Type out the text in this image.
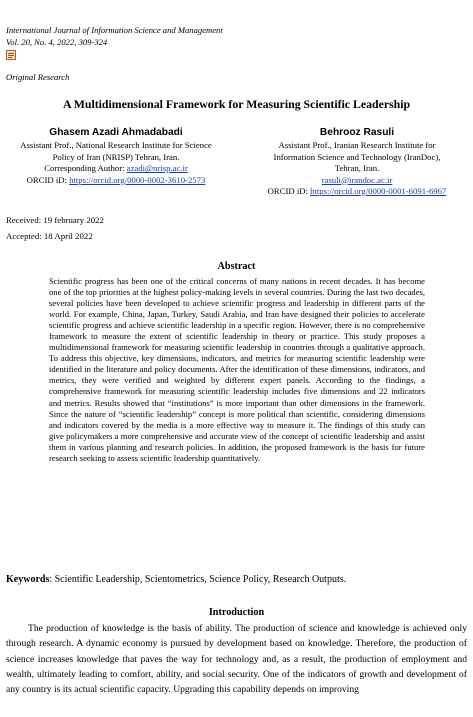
International Journal of Information Science and Management
Vol. 20, No. 4, 2022, 309-324
Original Research
A Multidimensional Framework for Measuring Scientific Leadership
Ghasem Azadi Ahmadabadi
Assistant Prof., National Research Institute for Science
Policy of Iran (NRISP) Tehran, Iran.
Corresponding Author: azadi@nrisp.ac.ir
ORCID iD: https://orcid.org/0000-0002-3610-2573
Behrooz Rasuli
Assistant Prof., Iranian Research Institute for
Information Science and Technology (IranDoc),
Tehran, Iran.
rasuli@irandoc.ac.ir
ORCID iD: https://orcid.org/0000-0001-6091-6967
Received: 19 february 2022
Accepted: 18 April 2022
Abstract

Scientific progress has been one of the critical concerns of many nations in recent decades. It has become one of the top priorities at the highest policy-making levels in several countries. During the last two decades, several policies have been developed to achieve scientific progress and leadership in different parts of the world. For example, China, Japan, Turkey, Saudi Arabia, and Iran have designed their policies to accelerate scientific progress and achieve scientific leadership in a specific region. However, there is no comprehensive framework to measure the extent of scientific leadership in theory or practice. This study proposes a multidimensional framework for measuring scientific leadership in countries through a qualitative approach. To address this objective, key dimensions, indicators, and metrics for measuring scientific leadership were identified in the literature and policy documents. After the identification of these dimensions, indicators, and metrics, they were verified and weighted by different expert panels. According to the findings, a comprehensive framework for measuring scientific leadership includes five dimensions and 22 indicators and metrics. Results showed that “institutions” is more important than other dimensions in the framework. Since the nature of “scientific leadership” concept is more political than scientific, considering dimensions and indicators covered by the media is a more effective way to measure it. The findings of this study can give policymakers a more comprehensive and accurate view of the concept of scientific leadership and assist them in various planning and research policies. In addition, the proposed framework is the basis for future research seeking to assess scientific leadership quantitatively.

Keywords: Scientific Leadership, Scientometrics, Science Policy, Research Outputs.
Introduction

The production of knowledge is the basis of ability. The production of science and knowledge is achieved only through research. A dynamic economy is pursued by development based on knowledge. Therefore, the production of science increases knowledge that paves the way for technology and, as a result, the production of employment and wealth, ultimately leading to comfort, ability, and social security. One of the indicators of growth and development of any country is its actual scientific capacity. Upgrading this capability depends on improving
